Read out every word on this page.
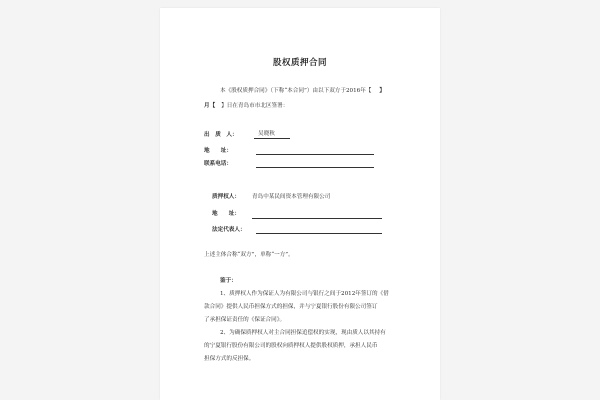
股权质押合同
本《股权质押合同》（下称“本合同”）由以下双方于2016年【 】
月【 】日在青岛市市北区签署：
出　质　人：	吴晓秋
地　　址：
联系电话：
质押权人： 青岛中某民间资本管理有限公司
地　　址：
法定代表人：
上述主体合称“双方”，单称“一方”。
鉴于：
1、质押权人作为保证人为有限公司与银行之间于2012年签订的《借
款合同》提供人民币担保方式的担保，并与宁夏银行股份有限公司签订
了承担保证责任的《保证合同》。
2、为确保质押权人对主合同担保追偿权的实现，现由质人以其持有
的宁夏银行股份有限公司的股权向质押权人提供股权质押，承担人民币
担保方式的反担保。
